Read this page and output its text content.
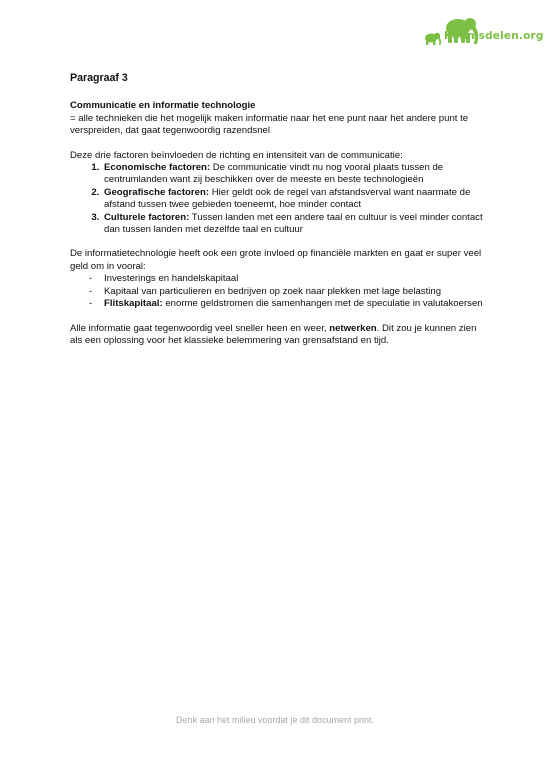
Kennisdelen.org
Paragraaf 3

Communicatie en informatie technologie

= alle technieken die het mogelijk maken informatie naar het ene punt naar het andere punt te verspreiden, dat gaat tegenwoordig razendsnel

Deze drie factoren beïnvloeden de richting en intensiteit van de communicatie:

1. Economische factoren: De communicatie vindt nu nog vooral plaats tussen de centrumlanden want zij beschikken over de meeste en beste technologieën
2. Geografische factoren: Hier geldt ook de regel van afstandsverval want naarmate de afstand tussen twee gebieden toeneemt, hoe minder contact
3. Culturele factoren: Tussen landen met een andere taal en cultuur is veel minder contact dan tussen landen met dezelfde taal en cultuur

De informatietechnologie heeft ook een grote invloed op financiële markten en gaat er super veel geld om in vooral:

- Investerings en handelskapitaal
- Kapitaal van particulieren en bedrijven op zoek naar plekken met lage belasting
- Flitskapitaal: enorme geldstromen die samenhangen met de speculatie in valutakoersen

Alle informatie gaat tegenwoordig veel sneller heen en weer, netwerken. Dit zou je kunnen zien als een oplossing voor het klassieke belemmering van grensafstand en tijd.

Denk aan het milieu voordat je dit document print.
